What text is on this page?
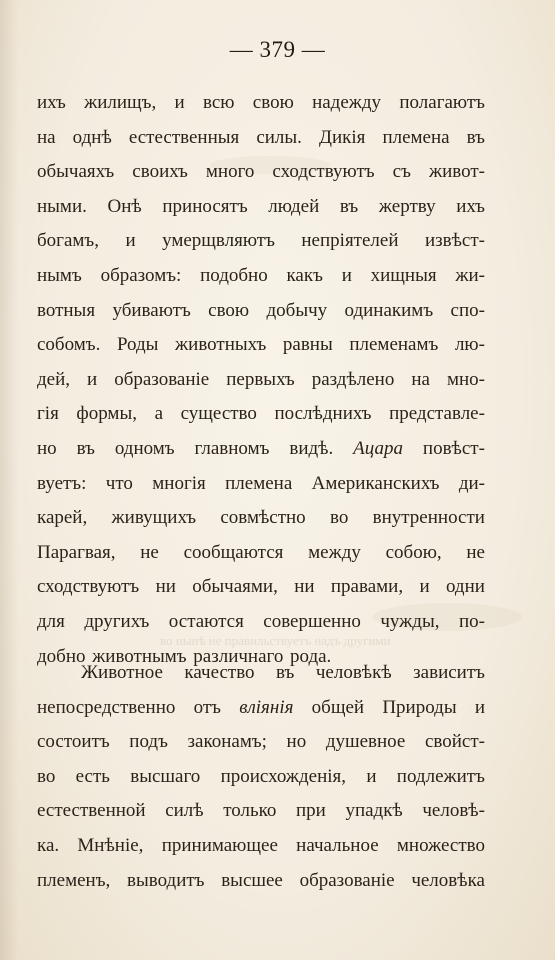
— 379 —
ихъ жилищъ, и всю свою надежду полагаютъ
на однѣ естественныя силы. Дикія племена въ
обычаяхъ своихъ много сходствуютъ съ живот-
ными. Онѣ приносятъ людей въ жертву ихъ
богамъ, и умерщвляютъ непріятелей извѣст-
нымъ образомъ: подобно какъ и хищныя жи-
вотныя убиваютъ свою добычу одинакимъ спо-
собомъ. Роды животныхъ равны племенамъ лю-
дей, и образованіе первыхъ раздѣлено на мно-
гія формы, а существо послѣднихъ представле-
но въ одномъ главномъ видѣ. Ацара повѣст-
вуетъ: что многія племена Американскихъ ди-
карей, живущихъ совмѣстно во внутренности
Парагвая, не сообщаются между собою, не
сходствуютъ ни обычаями, ни правами, и одни
для другихъ остаются совершенно чужды, по-
добно животнымъ различнаго рода.
во нынѣ не правильствуетъ надъ другими
Животное качество въ человѣкѣ зависитъ
непосредственно отъ вліянія общей Природы и
состоитъ подъ законамъ; но душевное свойст-
во есть высшаго происхожденія, и подлежитъ
естественной силѣ только при упадкѣ человѣ-
ка. Мнѣніе, принимающее начальное множество
племенъ, выводитъ высшее образованіе человѣка
